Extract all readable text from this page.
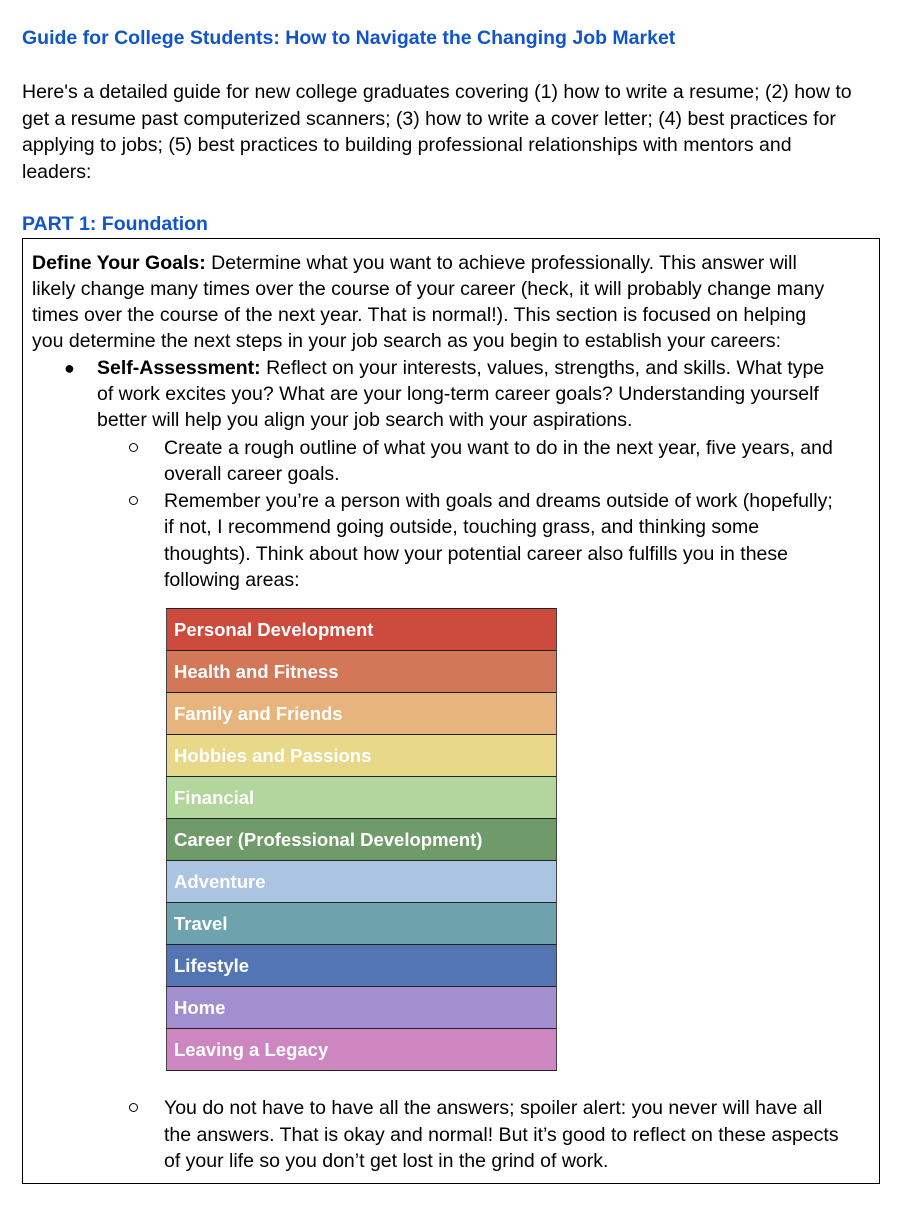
Guide for College Students: How to Navigate the Changing Job Market
Here's a detailed guide for new college graduates covering (1) how to write a resume; (2) how to
get a resume past computerized scanners; (3) how to write a cover letter; (4) best practices for
applying to jobs; (5) best practices to building professional relationships with mentors and
leaders:
PART 1: Foundation
Define Your Goals: Determine what you want to achieve professionally. This answer will
likely change many times over the course of your career (heck, it will probably change many
times over the course of the next year. That is normal!). This section is focused on helping
you determine the next steps in your job search as you begin to establish your careers:
● Self-Assessment: Reflect on your interests, values, strengths, and skills. What type
of work excites you? What are your long-term career goals? Understanding yourself
better will help you align your job search with your aspirations.
Create a rough outline of what you want to do in the next year, five years, and
overall career goals.
Remember you’re a person with goals and dreams outside of work (hopefully;
if not, I recommend going outside, touching grass, and thinking some
thoughts). Think about how your potential career also fulfills you in these
following areas:
Personal Development
Health and Fitness
Family and Friends
Hobbies and Passions
Financial
Career (Professional Development)
Adventure
Travel
Lifestyle
Home
Leaving a Legacy
You do not have to have all the answers; spoiler alert: you never will have all
the answers. That is okay and normal! But it’s good to reflect on these aspects
of your life so you don’t get lost in the grind of work.
